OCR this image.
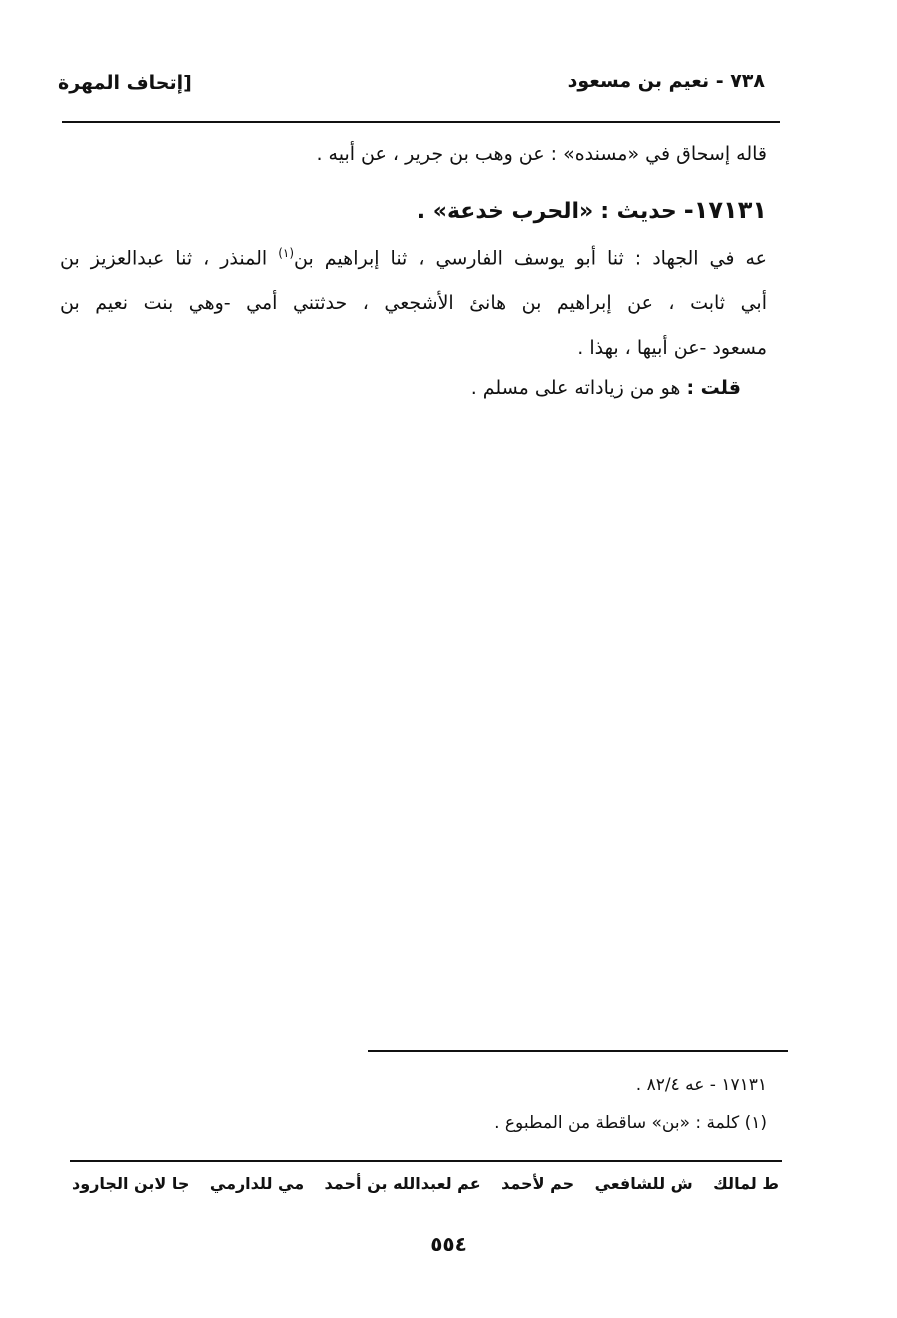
٧٣٨ - نعيم بن مسعود
[إتحاف المهرة
قاله إسحاق في «مسنده» : عن وهب بن جرير ، عن أبيه .
١٧١٣١- حديث : «الحرب خدعة» .
عه في الجهاد : ثنا أبو يوسف الفارسي ، ثنا إبراهيم بن$^{(١)}$ المنذر ، ثنا عبدالعزيز بن
أبي ثابت ، عن إبراهيم بن هانئ الأشجعي ، حدثتني أمي -وهي بنت نعيم بن
مسعود -عن أبيها ، بهذا .
قلت : هو من زياداته على مسلم .
١٧١٣١ - عه ٨٢/٤ .
(١) كلمة : «بن» ساقطة من المطبوع .
ط لمالك
ش للشافعي
حم لأحمد
عم لعبدالله بن أحمد
مي للدارمي
جا لابن الجارود
٥٥٤
